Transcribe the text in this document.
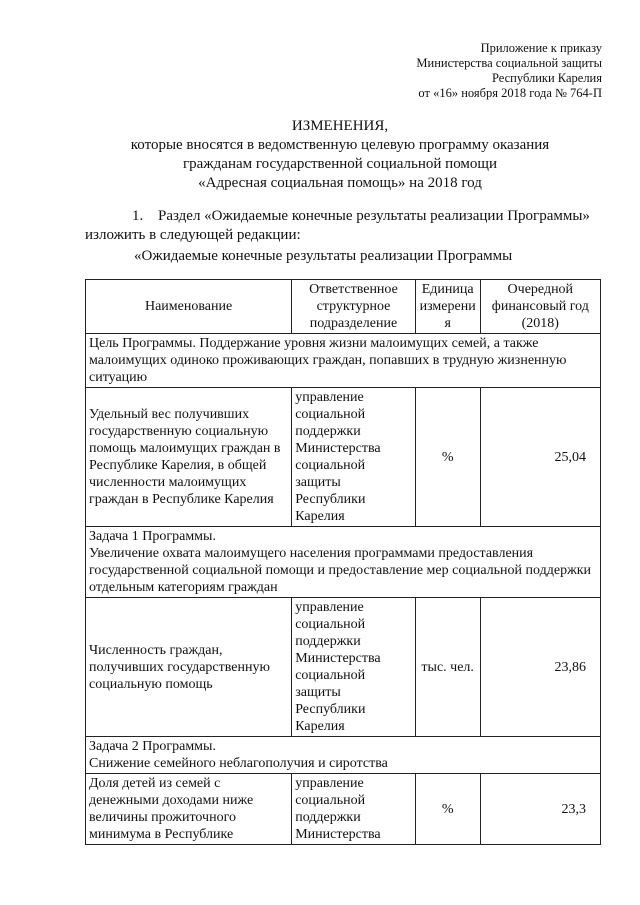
Приложение к приказу
Министерства социальной защиты
Республики Карелия
от «16» ноября 2018 года № 764-П
ИЗМЕНЕНИЯ,
которые вносятся в ведомственную целевую программу оказания
гражданам государственной социальной помощи
«Адресная социальная помощь» на 2018 год
1. Раздел «Ожидаемые конечные результаты реализации Программы»
изложить в следующей редакции:
«Ожидаемые конечные результаты реализации Программы
Наименование	Ответственное структурное подразделение	Единица измерени я	Очередной финансовый год (2018)
Цель Программы. Поддержание уровня жизни малоимущих семей, а также малоимущих одиноко проживающих граждан, попавших в трудную жизненную ситуацию			
Удельный вес получивших государственную социальную помощь малоимущих граждан в Республике Карелия, в общей численности малоимущих граждан в Республике Карелия	управление социальной поддержки Министерства социальной защиты Республики Карелия	%	25,04

Задача 1 Программы.
Увеличение охвата малоимущего населения программами предоставления государственной социальной помощи и предоставление мер социальной поддержки отдельным категориям граждан			

Численность граждан, получивших государственную социальную помощь	управление социальной поддержки Министерства социальной защиты Республики Карелия	тыс. чел.	23,86

Задача 2 Программы.
Снижение семейного неблагополучия и сиротства			

Доля детей из семей с денежными доходами ниже величины прожиточного минимума в Республике	управление социальной поддержки Министерства	%	23,3
